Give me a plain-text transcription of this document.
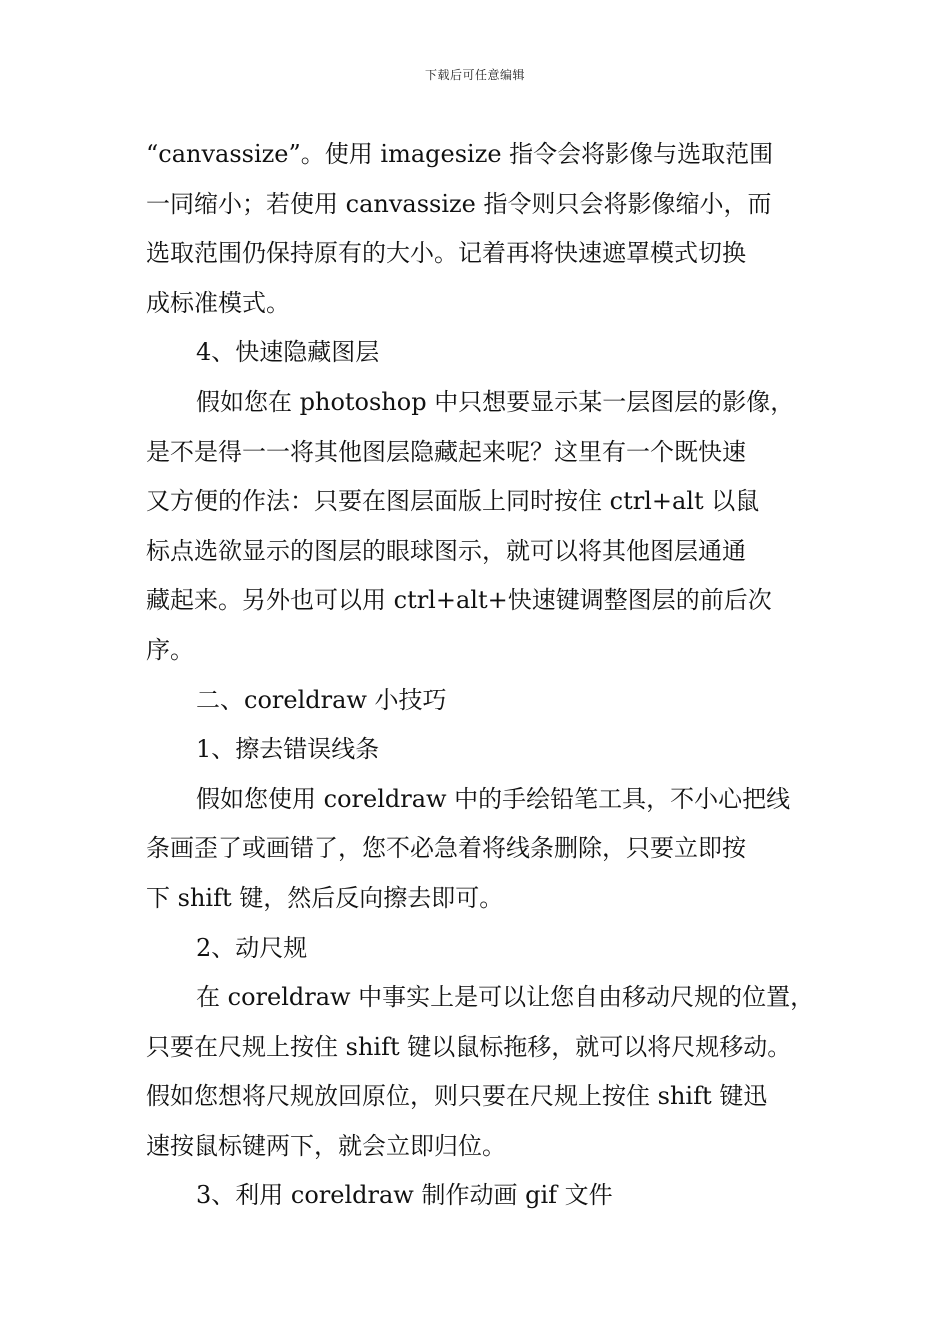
下载后可任意编辑

“canvassize”。使用 imagesize 指令会将影像与选取范围

一同缩小；若使用 canvassize 指令则只会将影像缩小，而

选取范围仍保持原有的大小。记着再将快速遮罩模式切换

成标准模式。

4、快速隐藏图层

假如您在 photoshop 中只想要显示某一层图层的影像，

是不是得一一将其他图层隐藏起来呢？这里有一个既快速

又方便的作法：只要在图层面版上同时按住 ctrl+alt 以鼠

标点选欲显示的图层的眼球图示，就可以将其他图层通通

藏起来。另外也可以用 ctrl+alt+快速键调整图层的前后次

序。

二、coreldraw 小技巧

1、擦去错误线条

假如您使用 coreldraw 中的手绘铅笔工具，不小心把线

条画歪了或画错了，您不必急着将线条删除，只要立即按

下 shift 键，然后反向擦去即可。

2、动尺规

在 coreldraw 中事实上是可以让您自由移动尺规的位置，

只要在尺规上按住 shift 键以鼠标拖移，就可以将尺规移动。

假如您想将尺规放回原位，则只要在尺规上按住 shift 键迅

速按鼠标键两下，就会立即归位。

3、利用 coreldraw 制作动画 gif 文件
